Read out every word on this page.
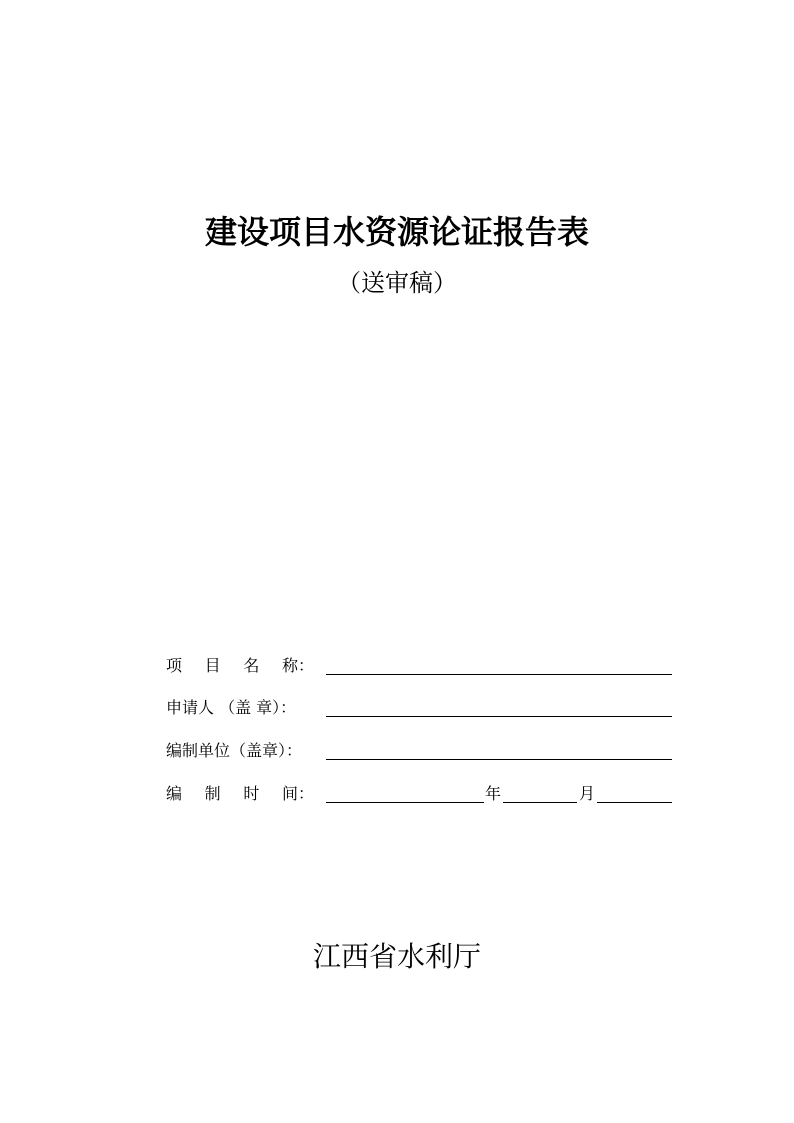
建设项目水资源论证报告表
（送审稿）
项 目 名 称：
申请人 （盖 章）：
编制单位（盖章）：
编 制 时 间：	年	月
江西省水利厅
